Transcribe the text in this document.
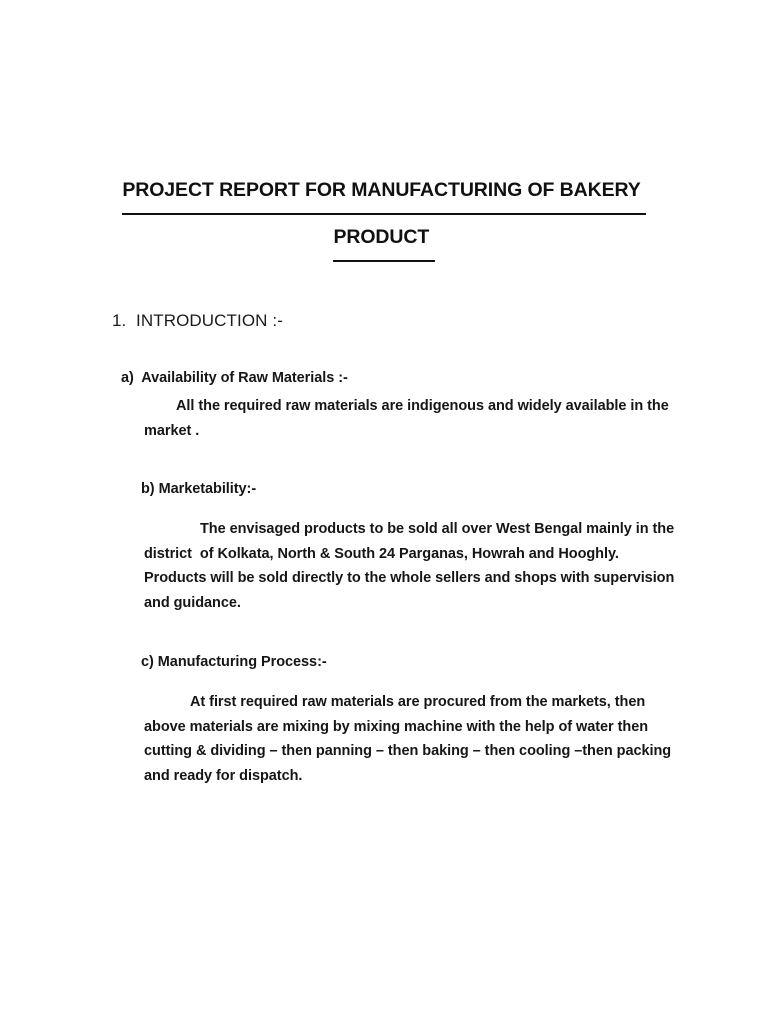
PROJECT REPORT FOR MANUFACTURING OF BAKERY
PRODUCT
1.  INTRODUCTION :-
a)  Availability of Raw Materials :-
All the required raw materials are indigenous and widely available in the market .
b) Marketability:-
The envisaged products to be sold all over West Bengal mainly in the district  of Kolkata, North & South 24 Parganas, Howrah and Hooghly. Products will be sold directly to the whole sellers and shops with supervision and guidance.
c) Manufacturing Process:-
At first required raw materials are procured from the markets, then above materials are mixing by mixing machine with the help of water then cutting & dividing – then panning – then baking – then cooling –then packing and ready for dispatch.
